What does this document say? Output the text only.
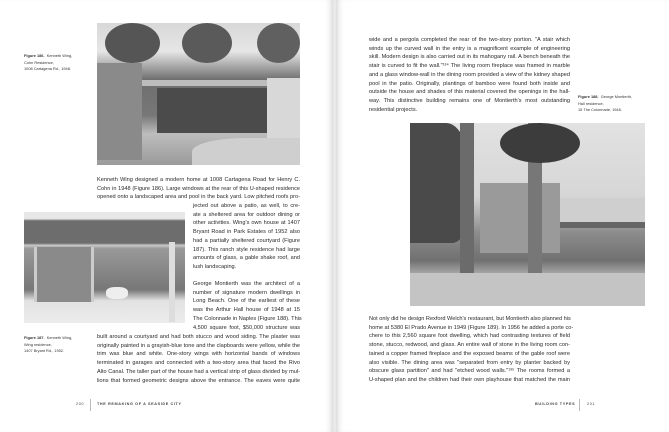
Figure 186. Kenneth Wing,
Cohn Residence,
1008 Cartagena Rd., 1948.
Kenneth Wing designed a modern home at 1008 Cartagena Road for Henry C.
Cohn in 1948 (Figure 186). Large windows at the rear of this U-shaped residence
opened onto a landscaped area and pool in the back yard. Low pitched roofs pro-
jected out above a patio, as well, to cre-
ate a sheltered area for outdoor dining or
other activities. Wing's own house at 1407
Bryant Road in Park Estates of 1952 also
had a partially sheltered courtyard (Figure
187). This ranch style residence had large
amounts of glass, a gable shake roof, and
lush landscaping.
George Montierth was the architect of a
number of signature modern dwellings in
Long Beach. One of the earliest of these
was the Arthur Hall house of 1948 at 15
The Colonnade in Naples (Figure 188). This
4,500 square foot, $50,000 structure was
Figure 187. Kenneth Wing,
Wing residence,
1407 Bryant Rd., 1952.
built around a courtyard and had both stucco and wood siding. The plaster was
originally painted in a grayish-blue tone and the clapboards were yellow, while the
trim was blue and white. One-story wings with horizontal bands of windows
terminated in garages and connected with a two-story area that faced the Rivo
Alto Canal. The taller part of the house had a vertical strip of glass divided by mul-
lions that formed geometric designs above the entrance. The eaves were quite
200	THE REMAKING OF A SEASIDE CITY
wide and a pergola completed the rear of the two-story portion. "A stair which
winds up the curved wall in the entry is a magnificent example of engineering
skill. Modern design is also carried out in its mahogany rail. A bench beneath the
stair is curved to fit the wall."¹³⁴ The living room fireplace was framed in marble
and a glass window-wall in the dining room provided a view of the kidney shaped
pool in the patio. Originally, plantings of bamboo were found both inside and
outside the house and shades of this material covered the openings in the hall-
way. This distinctive building remains one of Montierth's most outstanding
residential projects.
Figure 188. George Montierth,
Hall residence,
15 The Colonnade, 1948.
Not only did he design Rexford Welch's restaurant, but Montierth also planned his
home at 5380 El Prado Avenue in 1949 (Figure 189). In 1956 he added a porte co-
chere to this 2,560 square foot dwelling, which had contrasting textures of field
stone, stucco, redwood, and glass. An entire wall of stone in the living room con-
tained a copper framed fireplace and the exposed beams of the gable roof were
also visible. The dining area was "separated from entry by planter backed by
obscure glass partition" and had "etched wood walls."¹³⁵ The rooms formed a
U-shaped plan and the children had their own playhouse that matched the main
BUILDING TYPES	201
